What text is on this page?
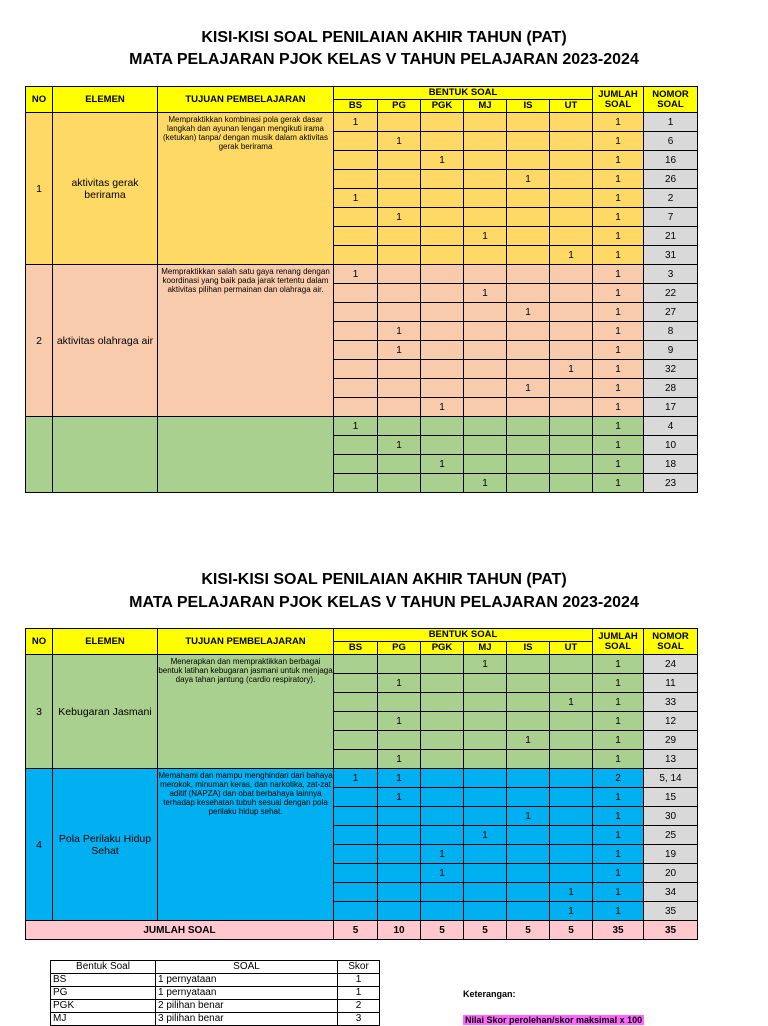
KISI-KISI SOAL PENILAIAN AKHIR TAHUN (PAT)
MATA PELAJARAN PJOK KELAS V TAHUN PELAJARAN 2023-2024
NO	ELEMEN	TUJUAN PEMBELAJARAN	BENTUK SOAL						JUMLAH SOAL	NOMOR SOAL
			BS	PG	PGK	MJ	IS	UT		
1	aktivitas gerak berirama	Mempraktikkan kombinasi pola gerak dasar langkah dan ayunan lengan mengikuti irama (ketukan) tanpa/ dengan musik dalam aktivitas gerak berirama	1						1	1
				1					1	6
					1				1	16
							1		1	26
			1						1	2
				1					1	7
						1			1	21
								1	1	31
2	aktivitas olahraga air	Mempraktikkan salah satu gaya renang dengan koordinasi yang baik pada jarak tertentu dalam aktivitas pilihan permainan dan olahraga air.	1						1	3
						1			1	22
							1		1	27
				1					1	8
				1					1	9
								1	1	32
							1		1	28
					1				1	17
			1						1	4
				1					1	10
					1				1	18
						1			1	23
KISI-KISI SOAL PENILAIAN AKHIR TAHUN (PAT)
MATA PELAJARAN PJOK KELAS V TAHUN PELAJARAN 2023-2024
NO	ELEMEN	TUJUAN PEMBELAJARAN	BENTUK SOAL						JUMLAH SOAL	NOMOR SOAL
			BS	PG	PGK	MJ	IS	UT		
3	Kebugaran Jasmani	Menerapkan dan mempraktikkan berbagai bentuk latihan kebugaran jasmani untuk menjaga daya tahan jantung (cardio respiratory).				1			1	24
				1					1	11
								1	1	33
				1					1	12
							1		1	29
				1					1	13
4	Pola Perilaku Hidup Sehat	Memahami dan mampu menghindari dari bahaya merokok, minuman keras, dan narkotika, zat-zat aditif (NAPZA) dan obat berbahaya lainnya terhadap kesehatan tubuh sesuai dengan pola perilaku hidup sehat.	1	1					2	5, 14
				1					1	15
							1		1	30
						1			1	25
					1				1	19
					1				1	20
								1	1	34
								1	1	35
JUMLAH SOAL			5	10	5	5	5	5	35	35
Bentuk Soal	SOAL	Skor
BS	1 pernyataan	1
PG	1 pernyataan	1
PGK	2 pilihan benar	2
MJ	3 pilihan benar	3
Keterangan:
Nilai Skor perolehan/skor maksimal x 100
